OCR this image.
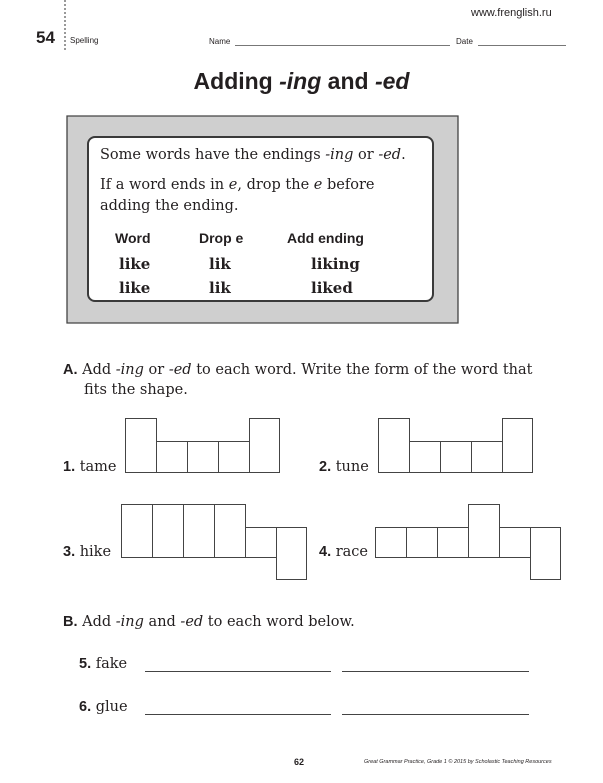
www.frenglish.ru
54 Spelling	Name	Date
Adding -ing and -ed
Some words have the endings -ing or -ed.
If a word ends in e, drop the e before
adding the ending.
Word	Drop e	Add ending
like	lik	liking
like	lik	liked
A. Add -ing or -ed to each word. Write the form of the word that
fits the shape.
1. tame	2. tune
3. hike	4. race
B. Add -ing and -ed to each word below.
5. fake
6. glue
62	Great Grammar Practice, Grade 1 © 2015 by Scholastic Teaching Resources
